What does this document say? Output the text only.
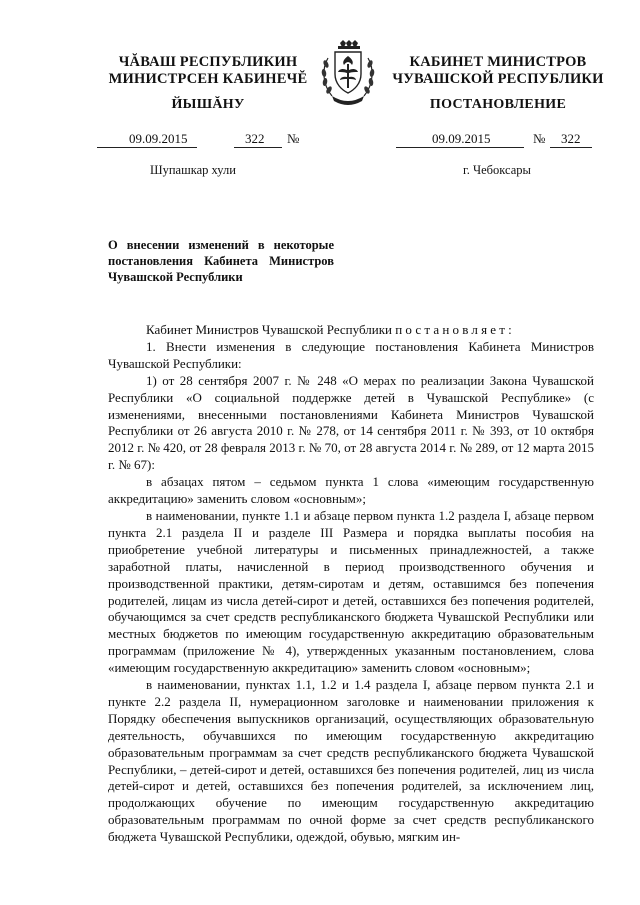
ЧĂВАШ РЕСПУБЛИКИН
МИНИСТРСЕН КАБИНЕЧĔ
КАБИНЕТ МИНИСТРОВ
ЧУВАШСКОЙ РЕСПУБЛИКИ
ЙЫШĂНУ	ПОСТАНОВЛЕНИЕ
09.09.2015	322 №	09.09.2015	№ 322
Шупашкар хули	г. Чебоксары
О внесении изменений в некоторые постановления Кабинета Министров Чувашской Республики

Кабинет Министров Чувашской Республики постановляет:

1. Внести изменения в следующие постановления Кабинета Министров Чувашской Республики:

1) от 28 сентября 2007 г. № 248 «О мерах по реализации Закона Чувашской Республики «О социальной поддержке детей в Чувашской Республике» (с изменениями, внесенными постановлениями Кабинета Министров Чувашской Республики от 26 августа 2010 г. № 278, от 14 сентября 2011 г. № 393, от 10 октября 2012 г. № 420, от 28 февраля 2013 г. № 70, от 28 августа 2014 г. № 289, от 12 марта 2015 г. № 67):

в абзацах пятом – седьмом пункта 1 слова «имеющим государственную аккредитацию» заменить словом «основным»;

в наименовании, пункте 1.1 и абзаце первом пункта 1.2 раздела I, абзаце первом пункта 2.1 раздела II и разделе III Размера и порядка выплаты пособия на приобретение учебной литературы и письменных принадлежностей, а также заработной платы, начисленной в период производственного обучения и производственной практики, детям-сиротам и детям, оставшимся без попечения родителей, лицам из числа детей-сирот и детей, оставшихся без попечения родителей, обучающимся за счет средств республиканского бюджета Чувашской Республики или местных бюджетов по имеющим государственную аккредитацию образовательным программам (приложение № 4), утвержденных указанным постановлением, слова «имеющим государственную аккредитацию» заменить словом «основным»;

в наименовании, пунктах 1.1, 1.2 и 1.4 раздела I, абзаце первом пункта 2.1 и пункте 2.2 раздела II, нумерационном заголовке и наименовании приложения к Порядку обеспечения выпускников организаций, осуществляющих образовательную деятельность, обучавшихся по имеющим государственную аккредитацию образовательным программам за счет средств республиканского бюджета Чувашской Республики, – детей-сирот и детей, оставшихся без попечения родителей, лиц из числа детей-сирот и детей, оставшихся без попечения родителей, за исключением лиц, продолжающих обучение по имеющим государственную аккредитацию образовательным программам по очной форме за счет средств республиканского бюджета Чувашской Республики, одеждой, обувью, мягким ин-
